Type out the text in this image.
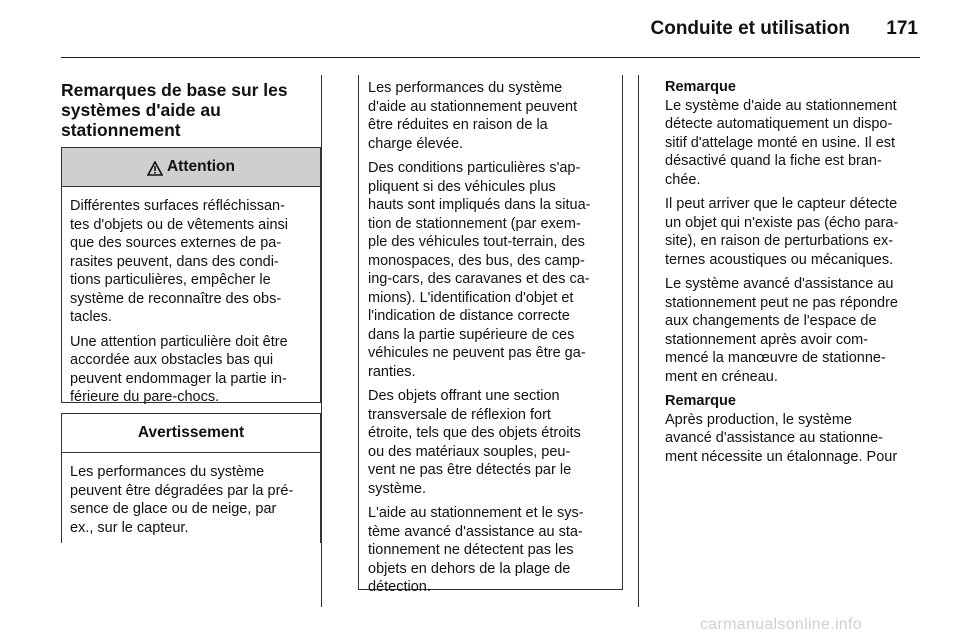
Conduite et utilisation	171
Remarques de base sur les
systèmes d'aide au
stationnement
Attention

Différentes surfaces réfléchissan-
tes d'objets ou de vêtements ainsi
que des sources externes de pa-
rasites peuvent, dans des condi-
tions particulières, empêcher le
système de reconnaître des obs-
tacles.

Une attention particulière doit être
accordée aux obstacles bas qui
peuvent endommager la partie in-
férieure du pare-chocs.

Avertissement

Les performances du système
peuvent être dégradées par la pré-
sence de glace ou de neige, par
ex., sur le capteur.

Les performances du système
d'aide au stationnement peuvent
être réduites en raison de la
charge élevée.

Des conditions particulières s'ap-
pliquent si des véhicules plus
hauts sont impliqués dans la situa-
tion de stationnement (par exem-
ple des véhicules tout-terrain, des
monospaces, des bus, des camp-
ing-cars, des caravanes et des ca-
mions). L'identification d'objet et
l'indication de distance correcte
dans la partie supérieure de ces
véhicules ne peuvent pas être ga-
ranties.

Des objets offrant une section
transversale de réflexion fort
étroite, tels que des objets étroits
ou des matériaux souples, peu-
vent ne pas être détectés par le
système.

L'aide au stationnement et le sys-
tème avancé d'assistance au sta-
tionnement ne détectent pas les
objets en dehors de la plage de
détection.

Remarque

Le système d'aide au stationnement
détecte automatiquement un dispo-
sitif d'attelage monté en usine. Il est
désactivé quand la fiche est bran-
chée.

Il peut arriver que le capteur détecte
un objet qui n'existe pas (écho para-
site), en raison de perturbations ex-
ternes acoustiques ou mécaniques.

Le système avancé d'assistance au
stationnement peut ne pas répondre
aux changements de l'espace de
stationnement après avoir com-
mencé la manœuvre de stationne-
ment en créneau.

Remarque

Après production, le système
avancé d'assistance au stationne-
ment nécessite un étalonnage. Pour

carmanualsonline.info
